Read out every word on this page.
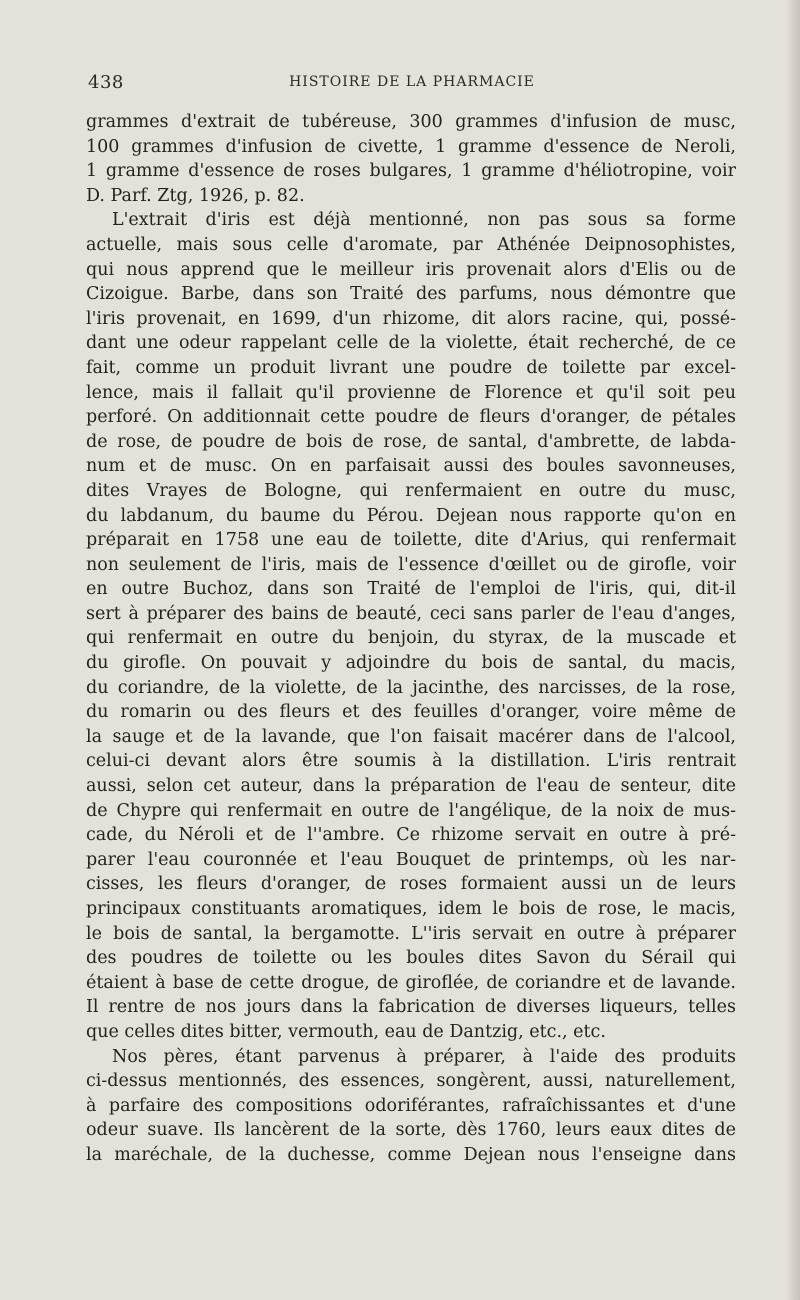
438	HISTOIRE DE LA PHARMACIE
grammes d'extrait de tubéreuse, 300 grammes d'infusion de musc,
100 grammes d'infusion de civette, 1 gramme d'essence de Neroli,
1 gramme d'essence de roses bulgares, 1 gramme d'héliotropine, voir
D. Parf. Ztg, 1926, p. 82.
L'extrait d'iris est déjà mentionné, non pas sous sa forme
actuelle, mais sous celle d'aromate, par Athénée Deipnosophistes,
qui nous apprend que le meilleur iris provenait alors d'Elis ou de
Cizoigue. Barbe, dans son Traité des parfums, nous démontre que
l'iris provenait, en 1699, d'un rhizome, dit alors racine, qui, possé-
dant une odeur rappelant celle de la violette, était recherché, de ce
fait, comme un produit livrant une poudre de toilette par excel-
lence, mais il fallait qu'il provienne de Florence et qu'il soit peu
perforé. On additionnait cette poudre de fleurs d'oranger, de pétales
de rose, de poudre de bois de rose, de santal, d'ambrette, de labda-
num et de musc. On en parfaisait aussi des boules savonneuses,
dites Vrayes de Bologne, qui renfermaient en outre du musc,
du labdanum, du baume du Pérou. Dejean nous rapporte qu'on en
préparait en 1758 une eau de toilette, dite d'Arius, qui renfermait
non seulement de l'iris, mais de l'essence d'œillet ou de girofle, voir
en outre Buchoz, dans son Traité de l'emploi de l'iris, qui, dit-il
sert à préparer des bains de beauté, ceci sans parler de l'eau d'anges,
qui renfermait en outre du benjoin, du styrax, de la muscade et
du girofle. On pouvait y adjoindre du bois de santal, du macis,
du coriandre, de la violette, de la jacinthe, des narcisses, de la rose,
du romarin ou des fleurs et des feuilles d'oranger, voire même de
la sauge et de la lavande, que l'on faisait macérer dans de l'alcool,
celui-ci devant alors être soumis à la distillation. L'iris rentrait
aussi, selon cet auteur, dans la préparation de l'eau de senteur, dite
de Chypre qui renfermait en outre de l'angélique, de la noix de mus-
cade, du Néroli et de l''ambre. Ce rhizome servait en outre à pré-
parer l'eau couronnée et l'eau Bouquet de printemps, où les nar-
cisses, les fleurs d'oranger, de roses formaient aussi un de leurs
principaux constituants aromatiques, idem le bois de rose, le macis,
le bois de santal, la bergamotte. L''iris servait en outre à préparer
des poudres de toilette ou les boules dites Savon du Sérail qui
étaient à base de cette drogue, de giroflée, de coriandre et de lavande.
Il rentre de nos jours dans la fabrication de diverses liqueurs, telles
que celles dites bitter, vermouth, eau de Dantzig, etc., etc.
Nos pères, étant parvenus à préparer, à l'aide des produits
ci-dessus mentionnés, des essences, songèrent, aussi, naturellement,
à parfaire des compositions odoriférantes, rafraîchissantes et d'une
odeur suave. Ils lancèrent de la sorte, dès 1760, leurs eaux dites de
la maréchale, de la duchesse, comme Dejean nous l'enseigne dans
